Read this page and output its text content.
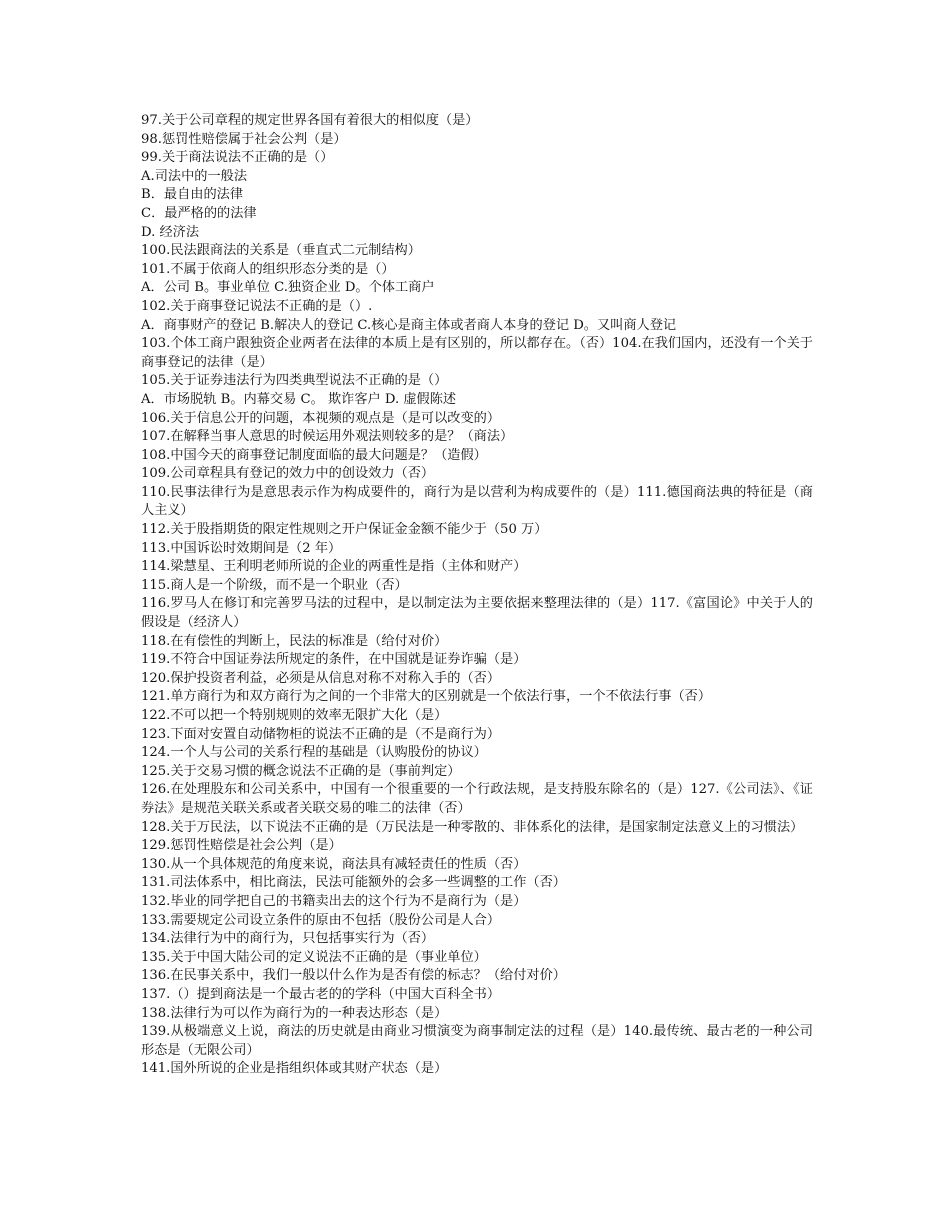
97.关于公司章程的规定世界各国有着很大的相似度（是）

98.惩罚性赔偿属于社会公判（是）

99.关于商法说法不正确的是（）

A.司法中的一般法

B．最自由的法律

C．最严格的的法律

D. 经济法

100.民法跟商法的关系是（垂直式二元制结构）

101.不属于依商人的组织形态分类的是（）

A．公司 B。事业单位 C.独资企业 D。个体工商户

102.关于商事登记说法不正确的是（）.

A．商事财产的登记 B.解决人的登记 C.核心是商主体或者商人本身的登记 D。又叫商人登记

103.个体工商户跟独资企业两者在法律的本质上是有区别的，所以都存在。（否）104.在我们国内，还没有一个关于商事登记的法律（是）

105.关于证券违法行为四类典型说法不正确的是（）

A．市场脱轨 B。内幕交易 C。 欺诈客户 D. 虚假陈述

106.关于信息公开的问题，本视频的观点是（是可以改变的）

107.在解释当事人意思的时候运用外观法则较多的是？（商法）

108.中国今天的商事登记制度面临的最大问题是？（造假）

109.公司章程具有登记的效力中的创设效力（否）

110.民事法律行为是意思表示作为构成要件的，商行为是以营利为构成要件的（是）111.德国商法典的特征是（商人主义）

112.关于股指期货的限定性规则之开户保证金金额不能少于（50 万）

113.中国诉讼时效期间是（2 年）

114.梁慧星、王利明老师所说的企业的两重性是指（主体和财产）

115.商人是一个阶级，而不是一个职业（否）

116.罗马人在修订和完善罗马法的过程中，是以制定法为主要依据来整理法律的（是）117.《富国论》中关于人的假设是（经济人）

118.在有偿性的判断上，民法的标准是（给付对价）

119.不符合中国证券法所规定的条件，在中国就是证券诈骗（是）

120.保护投资者利益，必须是从信息对称不对称入手的（否）

121.单方商行为和双方商行为之间的一个非常大的区别就是一个依法行事，一个不依法行事（否）

122.不可以把一个特别规则的效率无限扩大化（是）

123.下面对安置自动储物柜的说法不正确的是（不是商行为）

124.一个人与公司的关系行程的基础是（认购股份的协议）

125.关于交易习惯的概念说法不正确的是（事前判定）

126.在处理股东和公司关系中，中国有一个很重要的一个行政法规，是支持股东除名的（是）127.《公司法》、《证券法》是规范关联关系或者关联交易的唯二的法律（否）

128.关于万民法，以下说法不正确的是（万民法是一种零散的、非体系化的法律，是国家制定法意义上的习惯法）

129.惩罚性赔偿是社会公判（是）

130.从一个具体规范的角度来说，商法具有减轻责任的性质（否）

131.司法体系中，相比商法，民法可能额外的会多一些调整的工作（否）

132.毕业的同学把自己的书籍卖出去的这个行为不是商行为（是）

133.需要规定公司设立条件的原由不包括（股份公司是人合）

134.法律行为中的商行为，只包括事实行为（否）

135.关于中国大陆公司的定义说法不正确的是（事业单位）

136.在民事关系中，我们一般以什么作为是否有偿的标志？（给付对价）

137.（）提到商法是一个最古老的的学科（中国大百科全书）

138.法律行为可以作为商行为的一种表达形态（是）

139.从极端意义上说，商法的历史就是由商业习惯演变为商事制定法的过程（是）140.最传统、最古老的一种公司形态是（无限公司）

141.国外所说的企业是指组织体或其财产状态（是）
